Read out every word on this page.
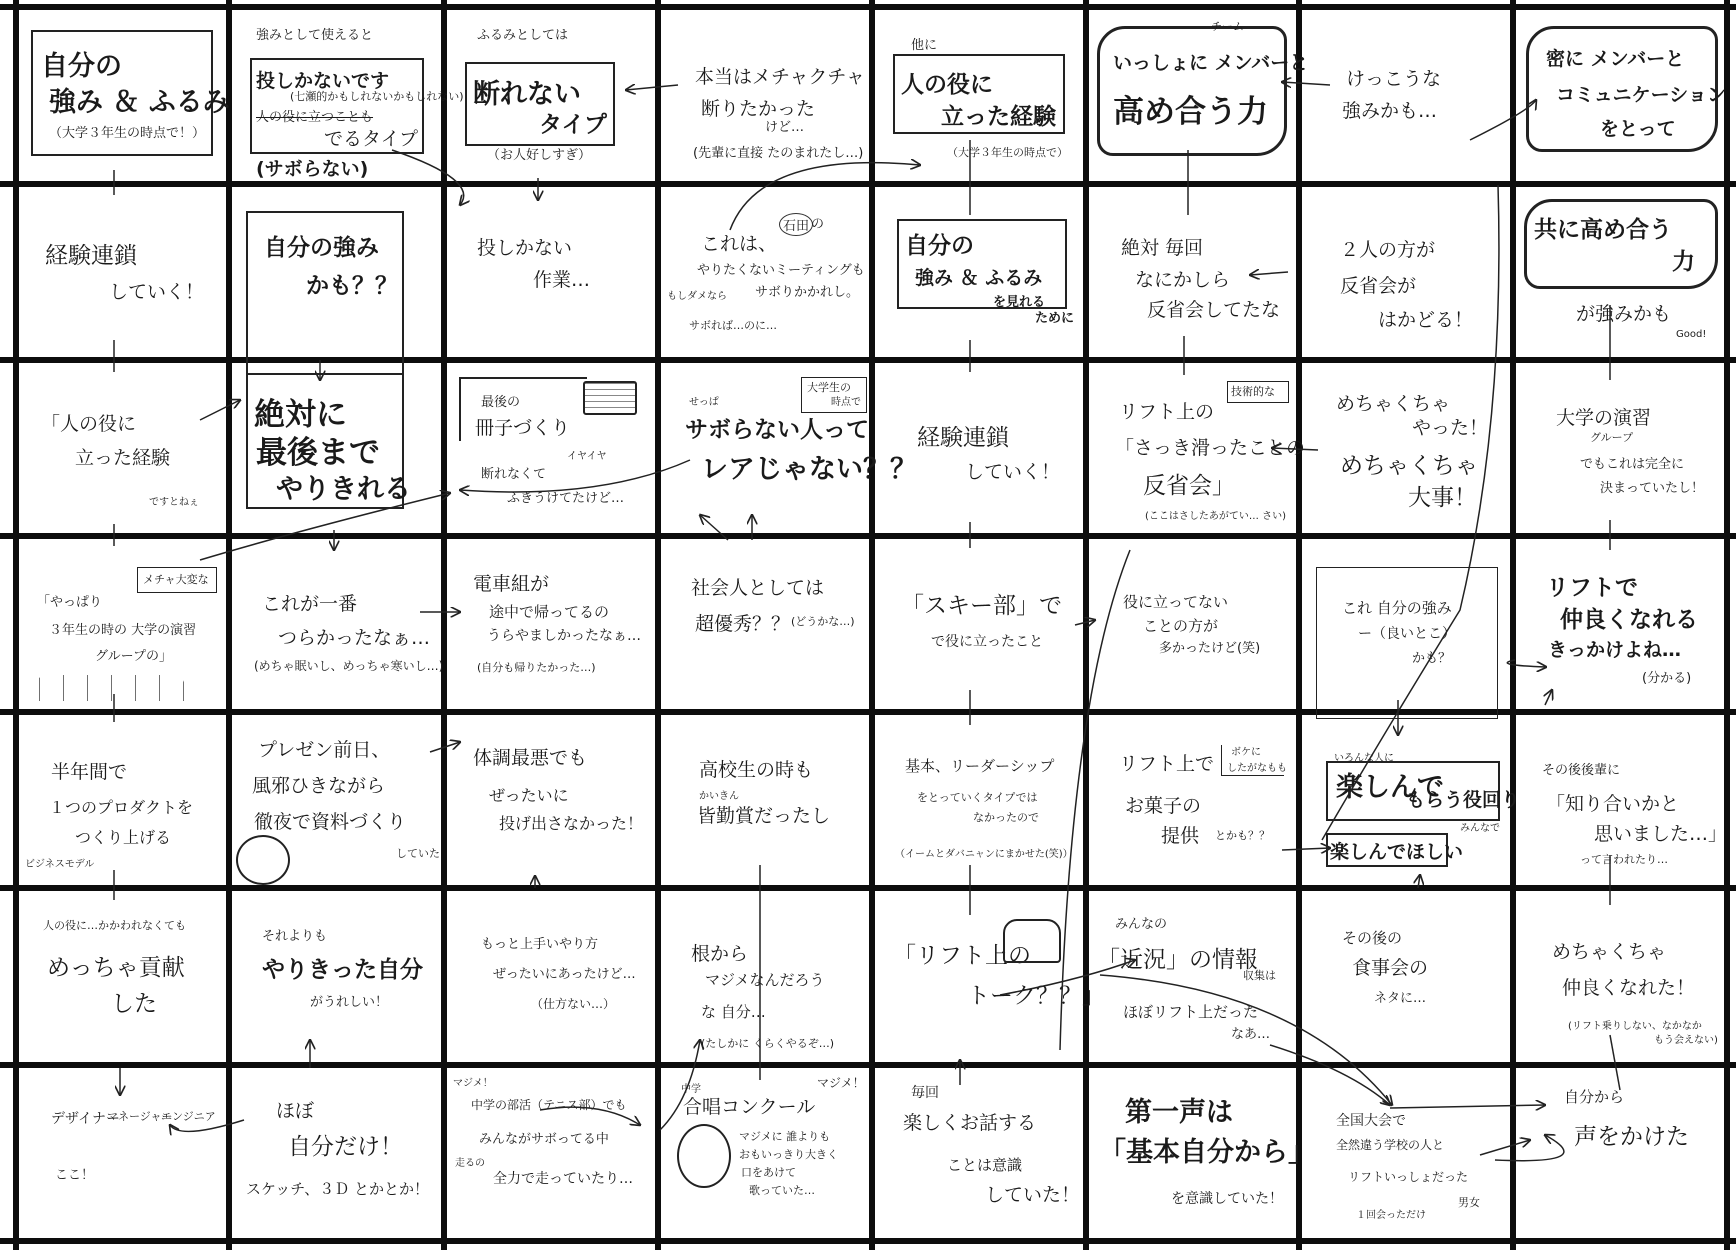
自分の

強み ＆ ふるみ

（大学３年生の時点で！）

強みとして使えると

投しかないです

(七瀬的かもしれないかもしれない)

人の役に立つことも

でるタイプ

(サボらない)

ふるみとしては

断れない

タイプ

（お人好しすぎ）

本当はメチャクチャ

断りたかった

けど…

(先輩に直接 たのまれたし…)

他に

人の役に

立った経験

（大学３年生の時点で）

チーム

いっしょに メンバーと

高め合う力

けっこうな

強みかも…

密に メンバーと

コミュニケーション

をとって

経験連鎖

していく！

自分の強み

かも？？

投しかない

作業…

これは、

石田 の

やりたくないミーティングも

サボりかかれし。

もしダメなら

サボれば…のに…

自分の

強み ＆ ふるみ

を見れる

ために

絶対 毎回

なにかしら

反省会してたな

２人の方が

反省会が

はかどる！

共に高め合う

力

が強みかも

Good!

「人の役に

立った経験

ですとねぇ

絶対に

最後まで

やりきれる

最後の

冊子づくり

イヤイヤ

断れなくて

ふきうけてたけど…

せっぱ

サボらない人って

レアじゃない？？

大学生の

時点で

経験連鎖

していく！

リフト上の

技術的な

「さっき滑ったことの

反省会」

(ここはさしたあがてい… さい)

めちゃくちゃ

やった！

めちゃくちゃ

大事！

大学の演習

グループ

でもこれは完全に

決まっていたし！

メチャ大変な

「やっぱり

３年生の時の 大学の演習

グループの」

これが一番

つらかったなぁ…

(めちゃ眠いし、めっちゃ寒いし…)

電車組が

途中で帰ってるの

うらやましかったなぁ…

(自分も帰りたかった…)

社会人としては

超優秀？？ (どうかな…)

「スキー部」で

で役に立ったこと

役に立ってない

ことの方が

多かったけど(笑)

これ 自分の強み

ー（良いとこ）

かも？

リフトで

仲良くなれる

きっかけよね…

(分かる)

半年間で

１つのプロダクトを

つくり上げる

ビジネスモデル

プレゼン前日、

風邪ひきながら

徹夜で資料づくり

していた

体調最悪でも

ぜったいに

投げ出さなかった！

高校生の時も

かいきん

皆勤賞だったし

基本、リーダーシップ

をとっていくタイプでは

なかったので

（イームとダバニャンにまかせた(笑)）

リフト上で

ボケに

したがなもも

お菓子の

提供 とかも？？

いろんな人に

楽しんで

もらう役回り

みんなで

楽しんでほしい

その後後輩に

「知り合いかと

思いました…」

って言われたり…

人の役に…かかわれなくても

めっちゃ貢献

した

それよりも

やりきった自分

がうれしい！

もっと上手いやり方

ぜったいにあったけど…

（仕方ない…）

根から

マジメなんだろう

な 自分…

(たしかに くらくやるぞ…)

「リフト上の

トーク？？」

みんなの

「近況」の情報

収集は

ほぼリフト上だった

なあ…

その後の

食事会の

ネタに…

めちゃくちゃ

仲良くなれた！

(リフト乗りしない、なかなか

もう会えない)

デザイナー

マネージャー

エンジニア

ここ！

ほぼ

自分だけ！

スケッチ、３Ｄ とかとか！

マジメ！

中学の部活（テニス部）でも

みんながサボってる中

走るの

全力で走っていたり…

中学

合唱コンクール

マジメ！

マジメに 誰よりも

おもいっきり大きく

口をあけて

歌っていた…

毎回

楽しくお話する

ことは意識

していた！

第一声は

「基本自分から」

を意識していた！

全国大会で

全然違う学校の人と

リフトいっしょだった

１回会っただけ

男女

自分から

声をかけた
